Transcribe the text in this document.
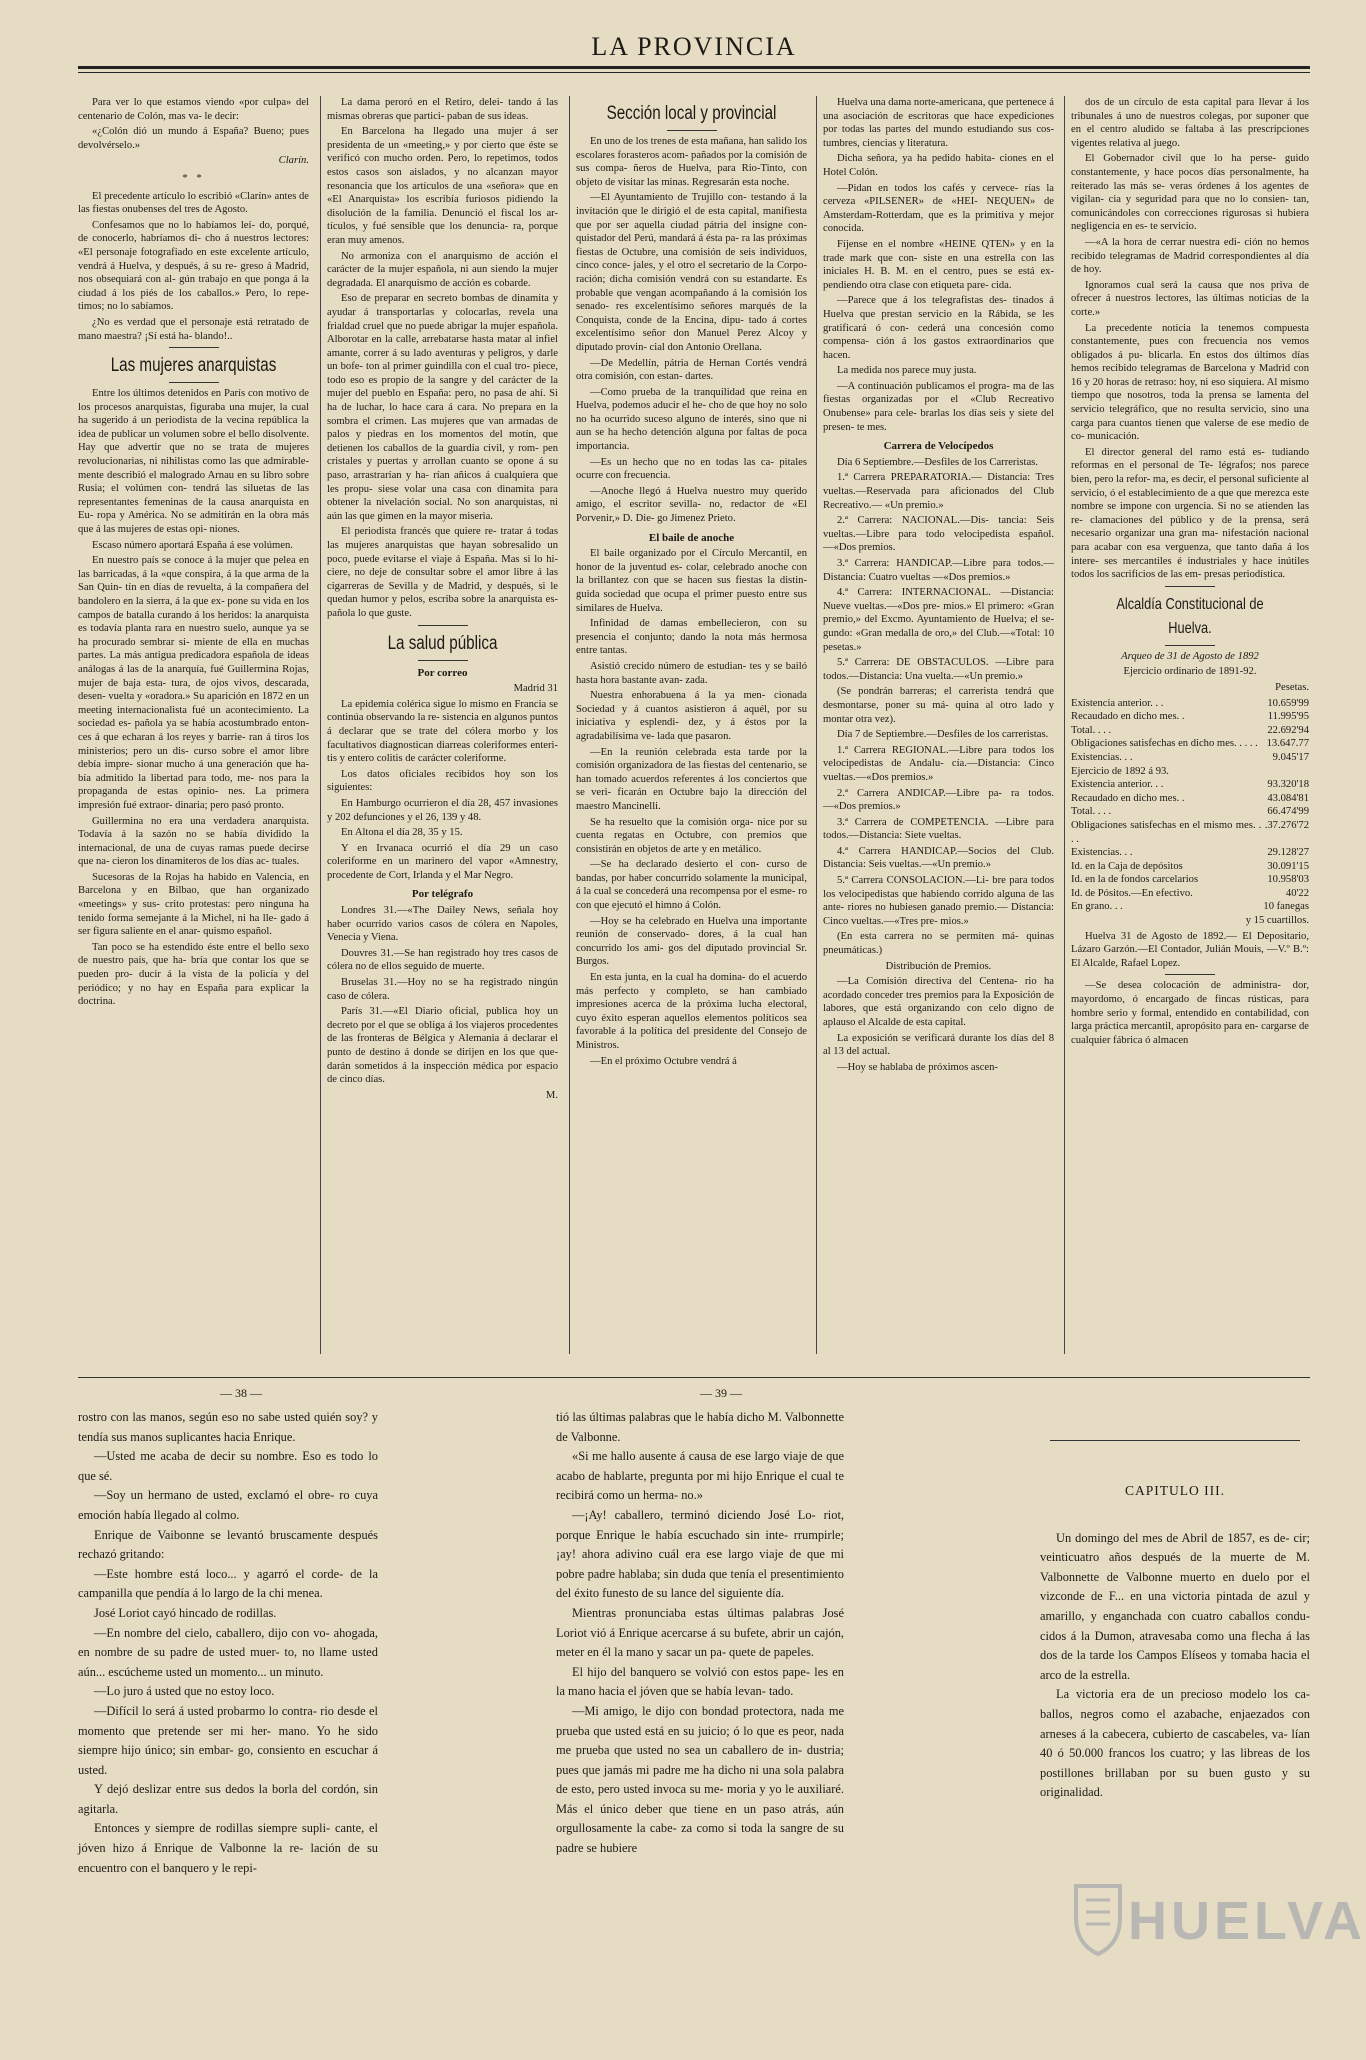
LA PROVINCIA

Para ver lo que estamos viendo «por culpa» del centenario de Colón, mas va- le decir:

«¿Colón dió un mundo á España? Bueno; pues devolvérselo.»

Clarín.

* *

El precedente artículo lo escribió «Clarín» antes de las fiestas onubenses del tres de Agosto.

Confesamos que no lo habíamos leí- do, porqué, de conocerlo, habríamos di- cho á nuestros lectores: «El personaje fotografiado en este excelente artículo, vendrá á Huelva, y después, á su re- greso á Madrid, nos obsequiará con al- gún trabajo en que ponga á la ciudad á los piés de los caballos.» Pero, lo repe- timos; no lo sabíamos.

¿No es verdad que el personaje está retratado de mano maestra? ¡Sí está ha- blando!..

Las mujeres anarquistas

Entre los últimos detenidos en París con motivo de los procesos anarquistas, figuraba una mujer, la cual ha sugerido á un periodista de la vecina república la idea de publicar un volumen sobre el bello disolvente. Hay que advertir que no se trata de mujeres revolucionarias, ni nihilistas como las que admirable- mente describió el malogrado Arnau en su libro sobre Rusia; el volúmen con- tendrá las siluetas de las representantes femeninas de la causa anarquista en Eu- ropa y América. No se admitirán en la obra más que á las mujeres de estas opi- niones.

Escaso número aportará España á ese volúmen.

En nuestro país se conoce á la mujer que pelea en las barricadas, á la «que conspira, á la que arma de la San Quin- tín en días de revuelta, á la compañera del bandolero en la sierra, á la que ex- pone su vida en los campos de batalla curando á los heridos: la anarquista es todavía planta rara en nuestro suelo, aunque ya se ha procurado sembrar si- miente de ella en muchas partes. La más antigua predicadora española de ideas análogas á las de la anarquía, fué Guillermina Rojas, mujer de baja esta- tura, de ojos vivos, descarada, desen- vuelta y «oradora.» Su aparición en 1872 en un meeting internacionalista fué un acontecimiento. La sociedad es- pañola ya se había acostumbrado enton- ces á que echaran á los reyes y barrie- ran á tiros los ministerios; pero un dis- curso sobre el amor libre debía impre- sionar mucho á una generación que ha- bía admitido la libertad para todo, me- nos para la propaganda de estas opinio- nes. La primera impresión fué extraor- dinaria; pero pasó pronto.

Guillermina no era una verdadera anarquista. Todavía á la sazón no se había dividido la internacional, de una de cuyas ramas puede decirse que na- cieron los dinamiteros de los días ac- tuales.

Sucesoras de la Rojas ha habido en Valencia, en Barcelona y en Bilbao, que han organizado «meetings» y sus- crito protestas: pero ninguna ha tenido forma semejante á la Michel, ni ha lle- gado á ser figura saliente en el anar- quismo español.

Tan poco se ha estendido éste entre el bello sexo de nuestro país, que ha- bría que contar los que se pueden pro- ducir á la vista de la policía y del periódico; y no hay en España para explicar la doctrina.

La dama peroró en el Retiro, delei- tando á las mismas obreras que partici- paban de sus ideas.

En Barcelona ha llegado una mujer á ser presidenta de un «meeting,» y por cierto que éste se verificó con mucho orden. Pero, lo repetimos, todos estos casos son aislados, y no alcanzan mayor resonancia que los artículos de una «señora» que en «El Anarquista» los escribía furiosos pidiendo la disolución de la familia. Denunció el fiscal los ar- tículos, y fué sensible que los denuncia- ra, porque eran muy amenos.

No armoniza con el anarquismo de acción el carácter de la mujer española, ni aun siendo la mujer degradada. El anarquismo de acción es cobarde.

Eso de preparar en secreto bombas de dinamita y ayudar á transportarlas y colocarlas, revela una frialdad cruel que no puede abrigar la mujer española. Alborotar en la calle, arrebatarse hasta matar al infiel amante, correr á su lado aventuras y peligros, y darle un bofe- ton al primer guindilla con el cual tro- piece, todo eso es propio de la sangre y del carácter de la mujer del pueblo en España: pero, no pasa de ahí. Si ha de luchar, lo hace cara á cara. No prepara en la sombra el crimen. Las mujeres que van armadas de palos y piedras en los momentos del motín, que detienen los caballos de la guardia civil, y rom- pen cristales y puertas y arrollan cuanto se opone á su paso, arrastrarían y ha- rían añicos á cualquiera que les propu- siese volar una casa con dinamita para obtener la nivelación social. No son anarquistas, ni aún las que gimen en la mayor miseria.

El periodista francés que quiere re- tratar á todas las mujeres anarquistas que hayan sobresalido un poco, puede evitarse el viaje á España. Mas si lo hi- ciere, no deje de consultar sobre el amor libre á las cigarreras de Sevilla y de Madrid, y después, si le quedan humor y pelos, escriba sobre la anarquista es- pañola lo que guste.

La salud pública
Por correo

Madrid 31

La epidemia colérica sigue lo mismo en Francia se continúa observando la re- sistencia en algunos puntos á declarar que se trate del cólera morbo y los facultativos diagnostican diarreas coleriformes enteri- tis y entero colitis de carácter coleriforme.

Los datos oficiales recibidos hoy son los siguientes:

En Hamburgo ocurrieron el día 28, 457 invasiones y 202 defunciones y el 26, 139 y 48.

En Altona el día 28, 35 y 15.

Y en Irvanaca ocurrió el día 29 un caso coleriforme en un marinero del vapor «Amnestry, procedente de Cort, Irlanda y el Mar Negro.

Por telégrafo

Londres 31.—«The Dailey News, señala hoy haber ocurrido varios casos de cólera en Napoles, Venecia y Viena.

Douvres 31.—Se han registrado hoy tres casos de cólera no de ellos seguido de muerte.

Bruselas 31.—Hoy no se ha registrado ningún caso de cólera.

París 31.—«El Diario oficial, publica hoy un decreto por el que se obliga á los viajeros procedentes de las fronteras de Bélgica y Alemania á declarar el punto de destino á donde se dirijen en los que que- darán sometidos á la inspección médica por espacio de cinco días.

M.

Sección local y provincial

En uno de los trenes de esta mañana, han salido los escolares forasteros acom- pañados por la comisión de sus compa- ñeros de Huelva, para Rio-Tinto, con objeto de visitar las minas. Regresarán esta noche.

—El Ayuntamiento de Trujillo con- testando á la invitación que le dirigió el de esta capital, manifiesta que por ser aquella ciudad pátria del insigne con- quistador del Perú, mandará á ésta pa- ra las próximas fiestas de Octubre, una comisión de seis individuos, cinco conce- jales, y el otro el secretario de la Corpo- ración; dicha comisión vendrá con su estandarte. Es probable que vengan acompañando á la comisión los senado- res excelentísimo señores marqués de la Conquista, conde de la Encina, dipu- tado á cortes excelentísimo señor don Manuel Perez Alcoy y diputado provin- cial don Antonio Orellana.

—De Medellín, pátria de Hernan Cortés vendrá otra comisión, con estan- dartes.

—Como prueba de la tranquilidad que reina en Huelva, podemos aducir el he- cho de que hoy no solo no ha ocurrido suceso alguno de interés, sino que ni aun se ha hecho detención alguna por faltas de poca importancia.

—Es un hecho que no en todas las ca- pitales ocurre con frecuencia.

—Anoche llegó á Huelva nuestro muy querido amigo, el escritor sevilla- no, redactor de «El Porvenir,» D. Die- go Jimenez Prieto.

El baile de anoche

El baile organizado por el Círculo Mercantil, en honor de la juventud es- colar, celebrado anoche con la brillantez con que se hacen sus fiestas la distin- guida sociedad que ocupa el primer puesto entre sus similares de Huelva.

Infinidad de damas embellecieron, con su presencia el conjunto; dando la nota más hermosa entre tantas.

Asistió crecido número de estudian- tes y se bailó hasta hora bastante avan- zada.

Nuestra enhorabuena á la ya men- cionada Sociedad y á cuantos asistieron á aquél, por su iniciativa y esplendi- dez, y á éstos por la agradabilísima ve- lada que pasaron.

—En la reunión celebrada esta tarde por la comisión organizadora de las fiestas del centenario, se han tomado acuerdos referentes á los conciertos que se veri- ficarán en Octubre bajo la dirección del maestro Mancinelli.

Se ha resuelto que la comisión orga- nice por su cuenta regatas en Octubre, con premios que consistirán en objetos de arte y en metálico.

—Se ha declarado desierto el con- curso de bandas, por haber concurrido solamente la municipal, á la cual se concederá una recompensa por el esme- ro con que ejecutó el himno á Colón.

—Hoy se ha celebrado en Huelva una importante reunión de conservado- dores, á la cual han concurrido los ami- gos del diputado provincial Sr. Burgos.

En esta junta, en la cual ha domina- do el acuerdo más perfecto y completo, se han cambiado impresiones acerca de la próxima lucha electoral, cuyo éxito esperan aquellos elementos políticos sea favorable á la política del presidente del Consejo de Ministros.

—En el próximo Octubre vendrá á

Huelva una dama norte-americana, que pertenece á una asociación de escritoras que hace expediciones por todas las partes del mundo estudiando sus cos- tumbres, ciencias y literatura.

Dicha señora, ya ha pedido habita- ciones en el Hotel Colón.

—Pidan en todos los cafés y cervece- rías la cerveza «PILSENER» de «HEI- NEQUEN» de Amsterdam-Rotterdam, que es la primitiva y mejor conocida.

Fíjense en el nombre «HEINE QTEN» y en la trade mark que con- siste en una estrella con las iniciales H. B. M. en el centro, pues se está ex- pendiendo otra clase con etiqueta pare- cida.

—Parece que á los telegrafistas des- tinados á Huelva que prestan servicio en la Rábida, se les gratificará ó con- cederá una concesión como compensa- ción á los gastos extraordinarios que hacen.

La medida nos parece muy justa.

—A continuación publicamos el progra- ma de las fiestas organizadas por el «Club Recreativo Onubense» para cele- brarlas los días seis y siete del presen- te mes.

Carrera de Velocípedos

Día 6 Septiembre.—Desfiles de los Carreristas.

1.ª Carrera PREPARATORIA.— Distancia: Tres vueltas.—Reservada para aficionados del Club Recreativo.— «Un premio.»

2.ª Carrera: NACIONAL.—Dis- tancia: Seis vueltas.—Libre para todo velocipedista español.—«Dos premios.

3.ª Carrera: HANDICAP.—Libre para todos.—Distancia: Cuatro vueltas —«Dos premios.»

4.ª Carrera: INTERNACIONAL. —Distancia: Nueve vueltas.—«Dos pre- mios.» El primero: «Gran premio,» del Excmo. Ayuntamiento de Huelva; el se- gundo: «Gran medalla de oro,» del Club.—«Total: 10 pesetas.»

5.ª Carrera: DE OBSTACULOS. —Libre para todos.—Distancia: Una vuelta.—«Un premio.»

(Se pondrán barreras; el carrerista tendrá que desmontarse, poner su má- quina al otro lado y montar otra vez).

Día 7 de Septiembre.—Desfiles de los carreristas.

1.ª Carrera REGIONAL.—Libre para todos los velocipedistas de Andalu- cía.—Distancia: Cinco vueltas.—«Dos premios.»

2.ª Carrera ANDICAP.—Libre pa- ra todos.—«Dos premios.»

3.ª Carrera de COMPETENCIA. —Libre para todos.—Distancia: Siete vueltas.

4.ª Carrera HANDICAP.—Socios del Club. Distancia: Seis vueltas.—«Un premio.»

5.ª Carrera CONSOLACION.—Li- bre para todos los velocipedistas que habiendo corrido alguna de las ante- riores no hubiesen ganado premio.— Distancia: Cinco vueltas.—«Tres pre- mios.»

(En esta carrera no se permiten má- quinas pneumáticas.)

Distribución de Premios.

—La Comisión directiva del Centena- rio ha acordado conceder tres premios para la Exposición de labores, que está organizando con celo digno de aplauso el Alcalde de esta capital.

La exposición se verificará durante los días del 8 al 13 del actual.

—Hoy se hablaba de próximos ascen-

dos de un círculo de esta capital para llevar á los tribunales á uno de nuestros colegas, por suponer que en el centro aludido se faltaba á las prescripciones vigentes relativa al juego.

El Gobernador civil que lo ha perse- guido constantemente, y hace pocos días personalmente, ha reiterado las más se- veras órdenes á los agentes de vigilan- cia y seguridad para que no lo consien- tan, comunicándoles con correcciones rigurosas si hubiera negligencia en es- te servicio.

—«A la hora de cerrar nuestra edi- ción no hemos recibido telegramas de Madrid correspondientes al día de hoy.

Ignoramos cual será la causa que nos priva de ofrecer á nuestros lectores, las últimas noticias de la corte.»

La precedente noticia la tenemos compuesta constantemente, pues con frecuencia nos vemos obligados á pu- blicarla. En estos dos últimos días hemos recibido telegramas de Barcelona y Madrid con 16 y 20 horas de retraso: hoy, ni eso siquiera. Al mismo tiempo que nosotros, toda la prensa se lamenta del servicio telegráfico, que no resulta servicio, sino una carga para cuantos tienen que valerse de ese medio de co- municación.

El director general del ramo está es- tudiando reformas en el personal de Te- légrafos; nos parece bien, pero la refor- ma, es decir, el personal suficiente al servicio, ó el establecimiento de a que que merezca este nombre se impone con urgencia. Si no se atienden las re- clamaciones del público y de la prensa, será necesario organizar una gran ma- nifestación nacional para acabar con esa verguenza, que tanto daña á los intere- ses mercantiles é industriales y hace inútiles todos los sacrificios de las em- presas periodística.

Alcaldía Constitucional de Huelva.

Arqueo de 31 de Agosto de 1892

Ejercicio ordinario de 1891-92.

Pesetas.

Existencia anterior. . .	10.659'99
Recaudado en dicho mes. .	11.995'95
Total. . . .	22.692'94
Obligaciones satisfechas en dicho mes. . . . . 13.647.77
Existencias. . .	9.045'17
Ejercicio de 1892 á 93.
Existencia anterior. . .	93.320'18
Recaudado en dicho mes. .	43.084'81
Total. . . .	66.474'99
Obligaciones satisfechas en el mismo mes. . . . .
37.276'72
Existencias. . .	29.128'27
Id. en la Caja de depósitos	30.091'15
Id. en la de fondos carcelarios	10.958'03
Id. de Pósitos.—En efectivo.	40'22
En grano. . .	10 fanegas

y 15 cuartillos.

Huelva 31 de Agosto de 1892.— El Depositario, Lázaro Garzón.—El Contador, Julián Mouis, —V.º B.º: El Alcalde, Rafael Lopez.

—Se desea colocación de administra- dor, mayordomo, ó encargado de fincas rústicas, para hombre serio y formal, entendido en contabilidad, con larga práctica mercantil, apropósito para en- cargarse de cualquier fábrica ó almacen

— 38 —	— 39 —

rostro con las manos, según eso no sabe usted quién soy? y tendía sus manos suplicantes hacia Enrique.

—Usted me acaba de decir su nombre. Eso es todo lo que sé.

—Soy un hermano de usted, exclamó el obre- ro cuya emoción había llegado al colmo.

Enrique de Vaibonne se levantó bruscamente después rechazó gritando:

—Este hombre está loco... y agarró el corde- de la campanilla que pendía á lo largo de la chi menea.

José Loriot cayó hincado de rodillas.

—En nombre del cielo, caballero, dijo con vo- ahogada, en nombre de su padre de usted muer- to, no llame usted aún... escúcheme usted un momento... un minuto.

—Lo juro á usted que no estoy loco.

—Difícil lo será á usted probarmo lo contra- rio desde el momento que pretende ser mi her- mano. Yo he sido siempre hijo único; sin embar- go, consiento en escuchar á usted.

Y dejó deslizar entre sus dedos la borla del cordón, sin agitarla.

Entonces y siempre de rodillas siempre supli- cante, el jóven hizo á Enrique de Valbonne la re- lación de su encuentro con el banquero y le repi-

tió las últimas palabras que le había dicho M. Valbonnette de Valbonne.

«Si me hallo ausente á causa de ese largo viaje de que acabo de hablarte, pregunta por mi hijo Enrique el cual te recibirá como un herma- no.»

—¡Ay! caballero, terminó diciendo José Lo- riot, porque Enrique le había escuchado sin inte- rrumpirle; ¡ay! ahora adivino cuál era ese largo viaje de que mi pobre padre hablaba; sin duda que tenía el presentimiento del éxito funesto de su lance del siguiente día.

Mientras pronunciaba estas últimas palabras José Loriot vió á Enrique acercarse á su bufete, abrir un cajón, meter en él la mano y sacar un pa- quete de papeles.

El hijo del banquero se volvió con estos pape- les en la mano hacia el jóven que se había levan- tado.

—Mi amigo, le dijo con bondad protectora, nada me prueba que usted está en su juicio; ó lo que es peor, nada me prueba que usted no sea un caballero de in- dustria; pues que jamás mi padre me ha dicho ni una sola palabra de esto, pero usted invoca su me- moria y yo le auxiliaré. Más el único deber que tiene en un paso atrás, aún orgullosamente la cabe- za como si toda la sangre de su padre se hubiere

CAPITULO III.

Un domingo del mes de Abril de 1857, es de- cir; veinticuatro años después de la muerte de M. Valbonnette de Valbonne muerto en duelo por el vizconde de F... en una victoria pintada de azul y amarillo, y enganchada con cuatro caballos condu- cidos á la Dumon, atravesaba como una flecha á las dos de la tarde los Campos Elíseos y tomaba hacia el arco de la estrella.

La victoria era de un precioso modelo los ca- ballos, negros como el azabache, enjaezados con arneses á la cabecera, cubierto de cascabeles, va- lían 40 ó 50.000 francos los cuatro; y las libreas de los postillones brillaban por su buen gusto y su originalidad.

HUELVA
